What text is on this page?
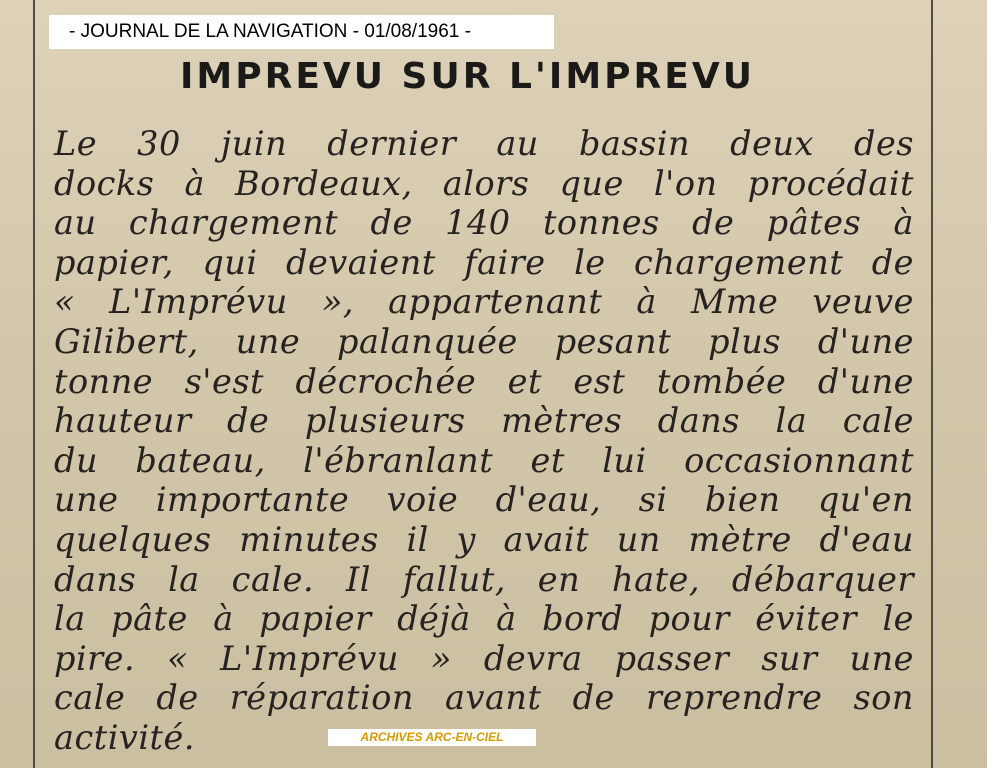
- JOURNAL DE LA NAVIGATION - 01/08/1961 -
IMPREVU SUR L'IMPREVU
Le 30 juin dernier au bassin deux des
docks à Bordeaux, alors que l'on procédait
au chargement de 140 tonnes de pâtes à
papier, qui devaient faire le chargement de
« L'Imprévu », appartenant à Mme veuve
Gilibert, une palanquée pesant plus d'une
tonne s'est décrochée et est tombée d'une
hauteur de plusieurs mètres dans la cale
du bateau, l'ébranlant et lui occasionnant
une importante voie d'eau, si bien qu'en
quelques minutes il y avait un mètre d'eau
dans la cale. Il fallut, en hate, débarquer
la pâte à papier déjà à bord pour éviter le
pire. « L'Imprévu » devra passer sur une
cale de réparation avant de reprendre son
activité.	ARCHIVES ARC-EN-CIEL
